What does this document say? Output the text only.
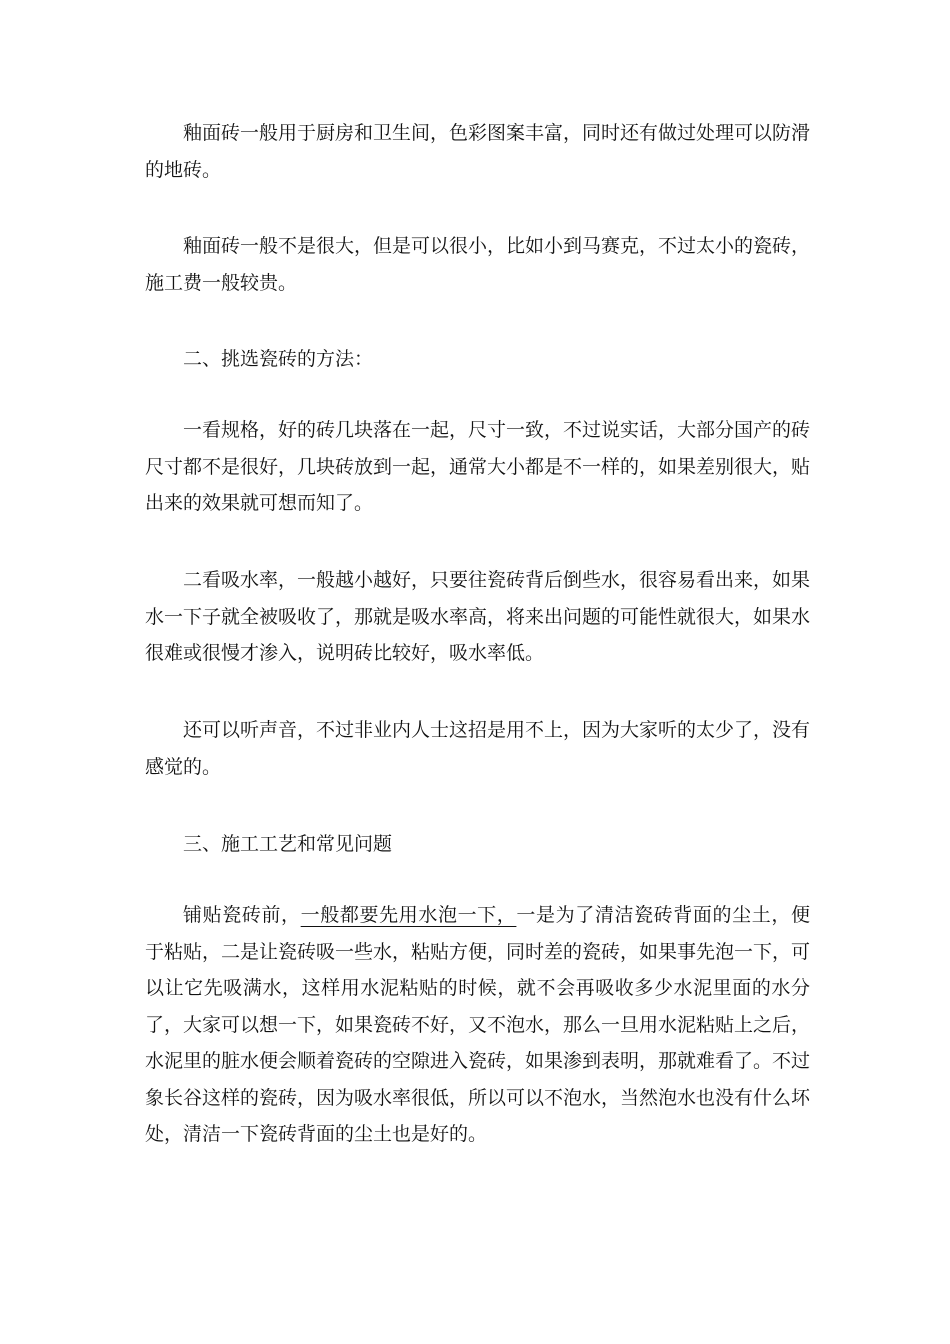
釉面砖一般用于厨房和卫生间，色彩图案丰富，同时还有做过处理可以防滑的地砖。

釉面砖一般不是很大，但是可以很小，比如小到马赛克，不过太小的瓷砖，施工费一般较贵。

二、挑选瓷砖的方法：

一看规格，好的砖几块落在一起，尺寸一致，不过说实话，大部分国产的砖尺寸都不是很好，几块砖放到一起，通常大小都是不一样的，如果差别很大，贴出来的效果就可想而知了。

二看吸水率，一般越小越好，只要往瓷砖背后倒些水，很容易看出来，如果水一下子就全被吸收了，那就是吸水率高，将来出问题的可能性就很大，如果水很难或很慢才渗入，说明砖比较好，吸水率低。

还可以听声音，不过非业内人士这招是用不上，因为大家听的太少了，没有感觉的。

三、施工工艺和常见问题

铺贴瓷砖前，一般都要先用水泡一下，一是为了清洁瓷砖背面的尘土，便于粘贴，二是让瓷砖吸一些水，粘贴方便，同时差的瓷砖，如果事先泡一下，可以让它先吸满水，这样用水泥粘贴的时候，就不会再吸收多少水泥里面的水分了，大家可以想一下，如果瓷砖不好，又不泡水，那么一旦用水泥粘贴上之后，水泥里的脏水便会顺着瓷砖的空隙进入瓷砖，如果渗到表明，那就难看了。不过象长谷这样的瓷砖，因为吸水率很低，所以可以不泡水，当然泡水也没有什么坏处，清洁一下瓷砖背面的尘土也是好的。
